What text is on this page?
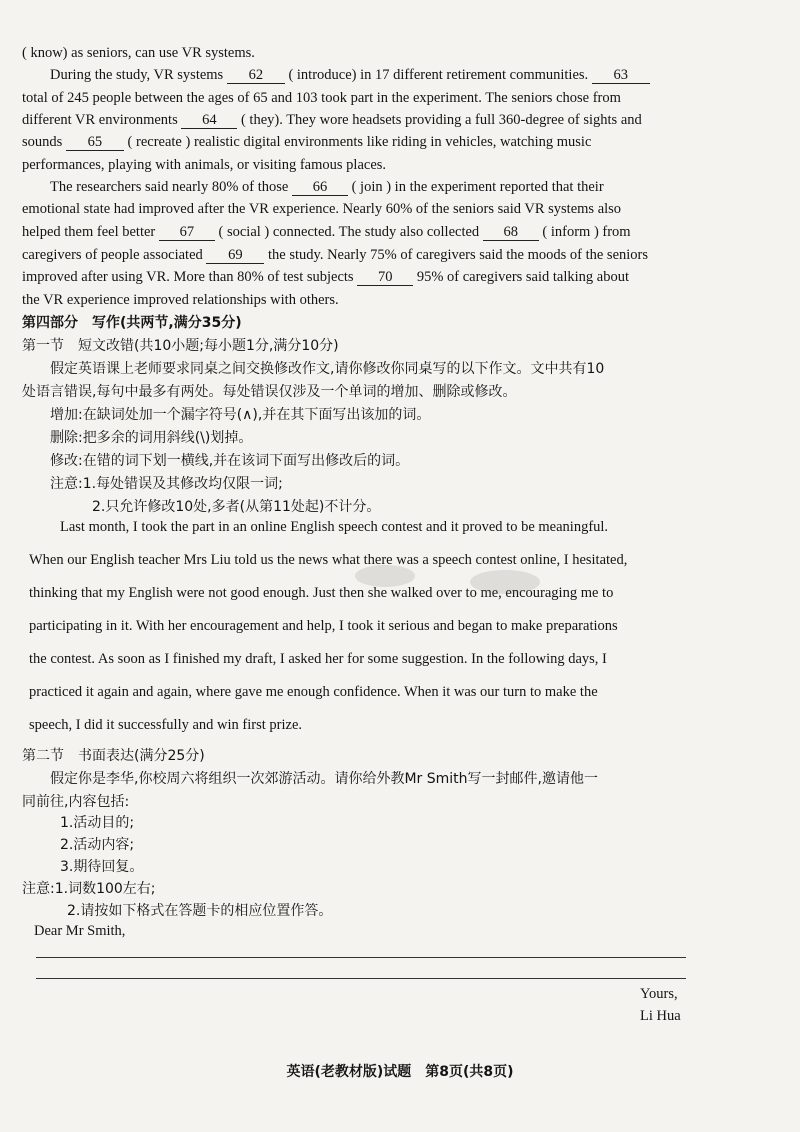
( know) as seniors, can use VR systems.
During the study, VR systems 62 ( introduce) in 17 different retirement communities. 63
total of 245 people between the ages of 65 and 103 took part in the experiment. The seniors chose from
different VR environments 64 ( they). They wore headsets providing a full 360-degree of sights and
sounds 65 ( recreate ) realistic digital environments like riding in vehicles, watching music
performances, playing with animals, or visiting famous places.
The researchers said nearly 80% of those 66 ( join ) in the experiment reported that their
emotional state had improved after the VR experience. Nearly 60% of the seniors said VR systems also
helped them feel better 67 ( social ) connected. The study also collected 68 ( inform ) from
caregivers of people associated 69 the study. Nearly 75% of caregivers said the moods of the seniors
improved after using VR. More than 80% of test subjects 70 95% of caregivers said talking about
the VR experience improved relationships with others.
第四部分　写作(共两节,满分35分)
第一节　短文改错(共10小题;每小题1分,满分10分)
假定英语课上老师要求同桌之间交换修改作文,请你修改你同桌写的以下作文。文中共有10
处语言错误,每句中最多有两处。每处错误仅涉及一个单词的增加、删除或修改。
增加:在缺词处加一个漏字符号(∧),并在其下面写出该加的词。
删除:把多余的词用斜线(\)划掉。
修改:在错的词下划一横线,并在该词下面写出修改后的词。
注意:1.每处错误及其修改均仅限一词;
2.只允许修改10处,多者(从第11处起)不计分。
Last month, I took the part in an online English speech contest and it proved to be meaningful.
When our English teacher Mrs Liu told us the news what there was a speech contest online, I hesitated,
thinking that my English were not good enough. Just then she walked over to me, encouraging me to
participating in it. With her encouragement and help, I took it serious and began to make preparations
the contest. As soon as I finished my draft, I asked her for some suggestion. In the following days, I
practiced it again and again, where gave me enough confidence. When it was our turn to make the
speech, I did it successfully and win first prize.
第二节　书面表达(满分25分)
假定你是李华,你校周六将组织一次郊游活动。请你给外教Mr Smith写一封邮件,邀请他一
同前往,内容包括:
1.活动目的;
2.活动内容;
3.期待回复。
注意:1.词数100左右;
2.请按如下格式在答题卡的相应位置作答。
Dear Mr Smith,
Yours,
Li Hua
英语(老教材版)试题　第8页(共8页)
